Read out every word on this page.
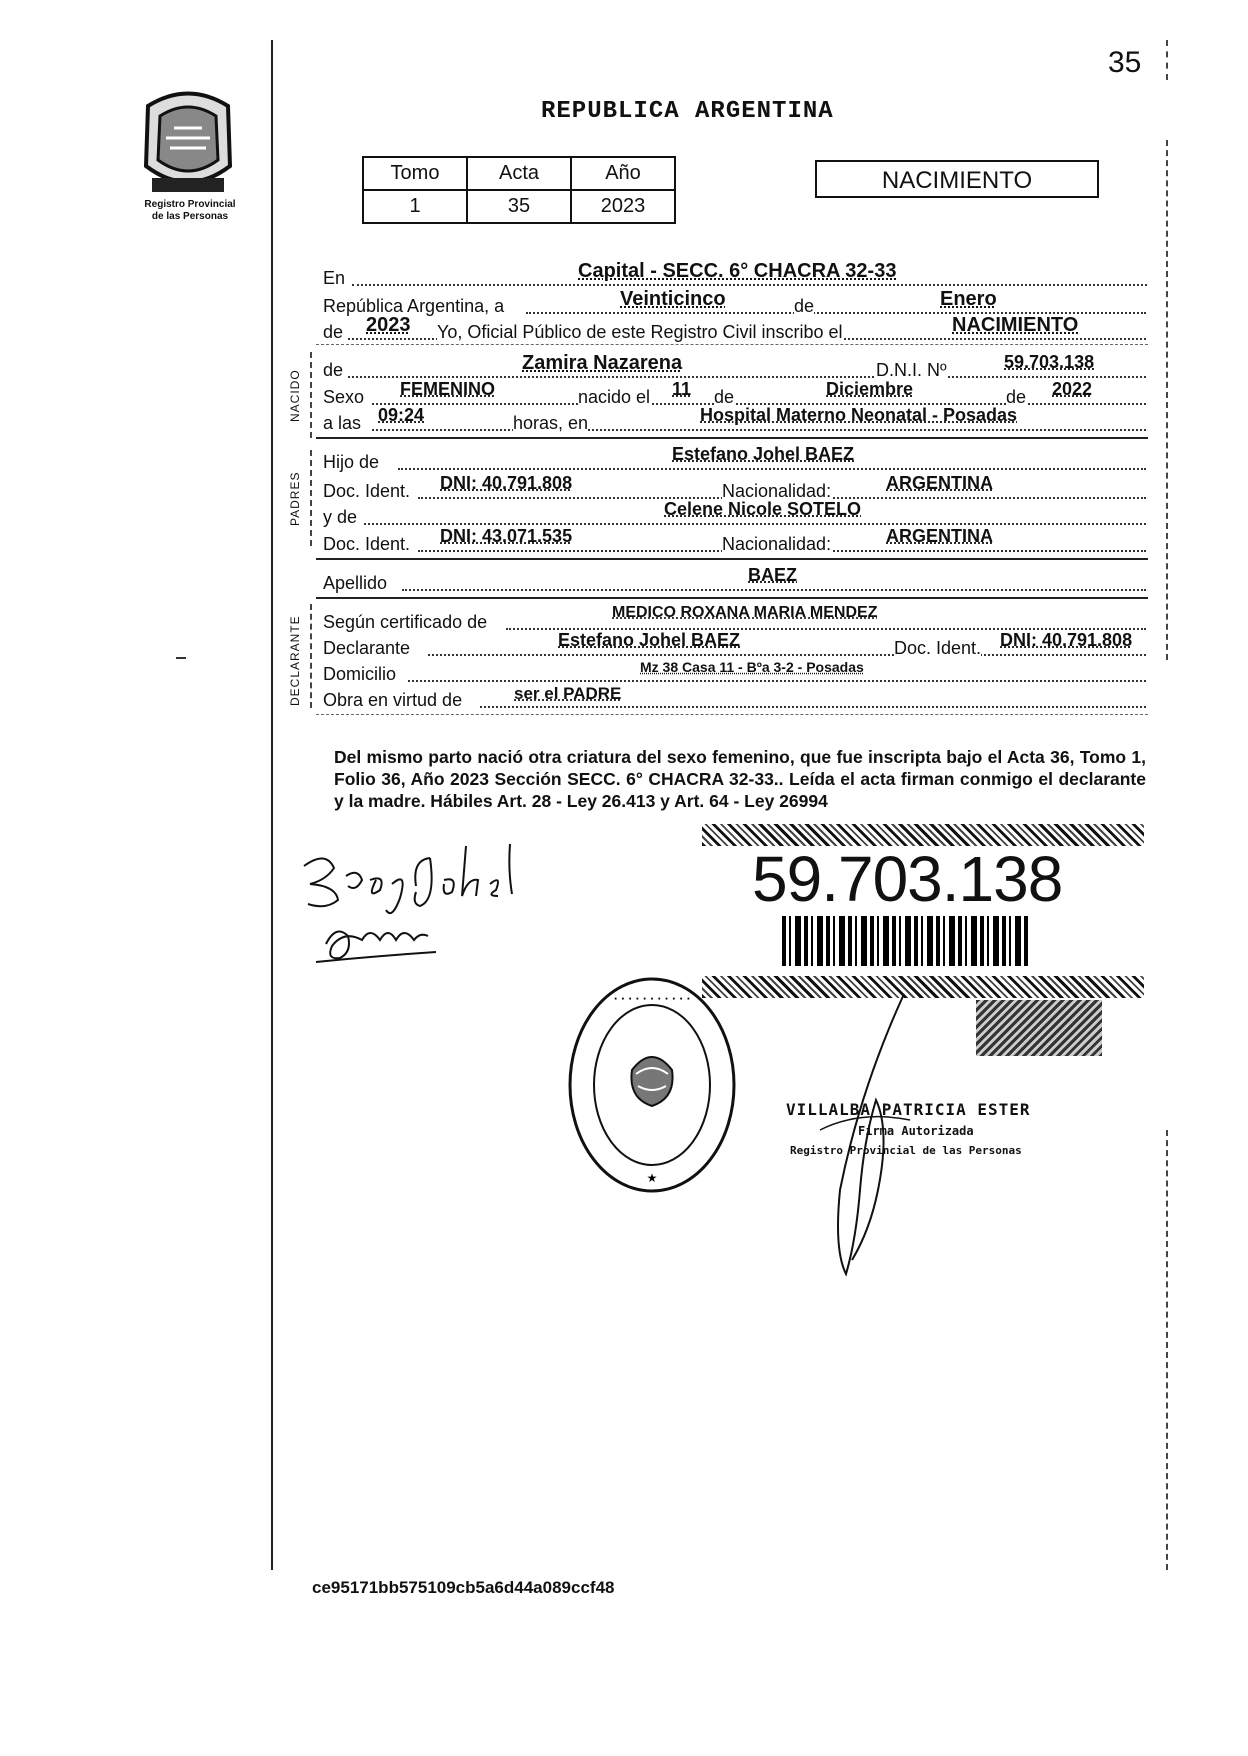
35
Registro Provincial
de las Personas
REPUBLICA ARGENTINA
Tomo	Acta	Año
1	35	2023
NACIMIENTO
NACIDO
PADRES
DECLARANTE
En	Capital - SECC. 6° CHACRA 32-33
República Argentina, a	Veinticinco	de	Enero
de 2023 Yo, Oficial Público de este Registro Civil inscribo el	NACIMIENTO
de	Zamira Nazarena	D.N.I. Nº	59.703.138
Sexo FEMENINO	nacido el 11 de	Diciembre	de 2022
a las 09:24	horas, en	Hospital Materno Neonatal - Posadas
Hijo de	Estefano Johel BAEZ
Doc. Ident. DNI: 40.791.808	Nacionalidad:	ARGENTINA
y de	Celene Nicole SOTELO
Doc. Ident. DNI: 43.071.535	Nacionalidad:	ARGENTINA
Apellido	BAEZ
Según certificado de	MEDICO ROXANA MARIA MENDEZ
Declarante	Estefano Johel BAEZ	Doc. Ident. DNI: 40.791.808
Domicilio	Mz 38 Casa 11 - Bºa 3-2 - Posadas
Obra en virtud de	ser el PADRE
Del mismo parto nació otra criatura del sexo femenino, que fue inscripta bajo el Acta 36, Tomo 1, Folio 36, Año 2023 Sección SECC. 6° CHACRA 32-33.. Leída el acta firman conmigo el declarante y la madre. Hábiles Art. 28 - Ley 26.413 y Art. 64 - Ley 26994
59.703.138
· · · · · · · · · · ·
★
VILLALBA PATRICIA ESTER
Firma Autorizada
Registro Provincial de las Personas
ce95171bb575109cb5a6d44a089ccf48
